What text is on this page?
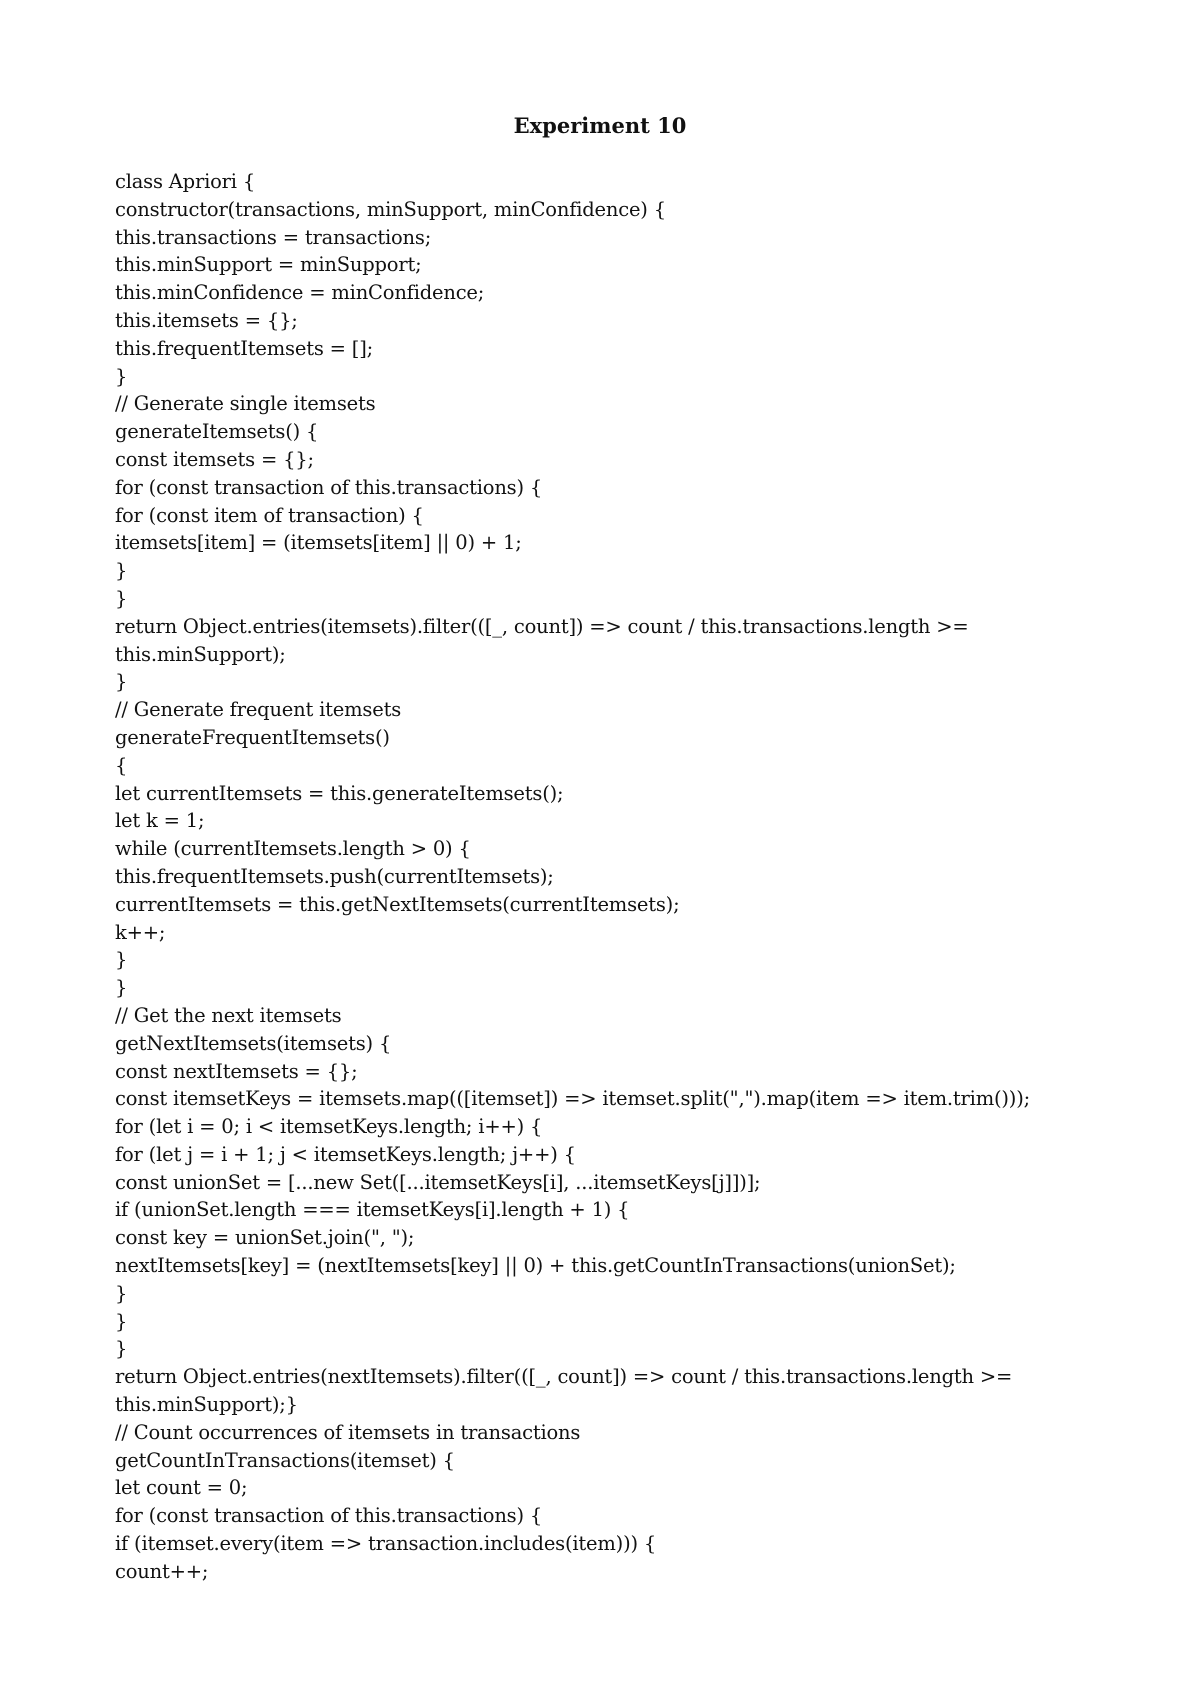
Experiment 10
class Apriori {
constructor(transactions, minSupport, minConfidence) {
this.transactions = transactions;
this.minSupport = minSupport;
this.minConfidence = minConfidence;
this.itemsets = {};
this.frequentItemsets = [];
}
// Generate single itemsets
generateItemsets() {
const itemsets = {};
for (const transaction of this.transactions) {
for (const item of transaction) {
itemsets[item] = (itemsets[item] || 0) + 1;
}
}
return Object.entries(itemsets).filter(([_, count]) => count / this.transactions.length >=
this.minSupport);
}
// Generate frequent itemsets
generateFrequentItemsets()
{
let currentItemsets = this.generateItemsets();
let k = 1;
while (currentItemsets.length > 0) {
this.frequentItemsets.push(currentItemsets);
currentItemsets = this.getNextItemsets(currentItemsets);
k++;
}
}
// Get the next itemsets
getNextItemsets(itemsets) {
const nextItemsets = {};
const itemsetKeys = itemsets.map(([itemset]) => itemset.split(",").map(item => item.trim()));
for (let i = 0; i < itemsetKeys.length; i++) {
for (let j = i + 1; j < itemsetKeys.length; j++) {
const unionSet = [...new Set([...itemsetKeys[i], ...itemsetKeys[j]])];
if (unionSet.length === itemsetKeys[i].length + 1) {
const key = unionSet.join(", ");
nextItemsets[key] = (nextItemsets[key] || 0) + this.getCountInTransactions(unionSet);
}
}
}
return Object.entries(nextItemsets).filter(([_, count]) => count / this.transactions.length >=
this.minSupport);}
// Count occurrences of itemsets in transactions
getCountInTransactions(itemset) {
let count = 0;
for (const transaction of this.transactions) {
if (itemset.every(item => transaction.includes(item))) {
count++;
